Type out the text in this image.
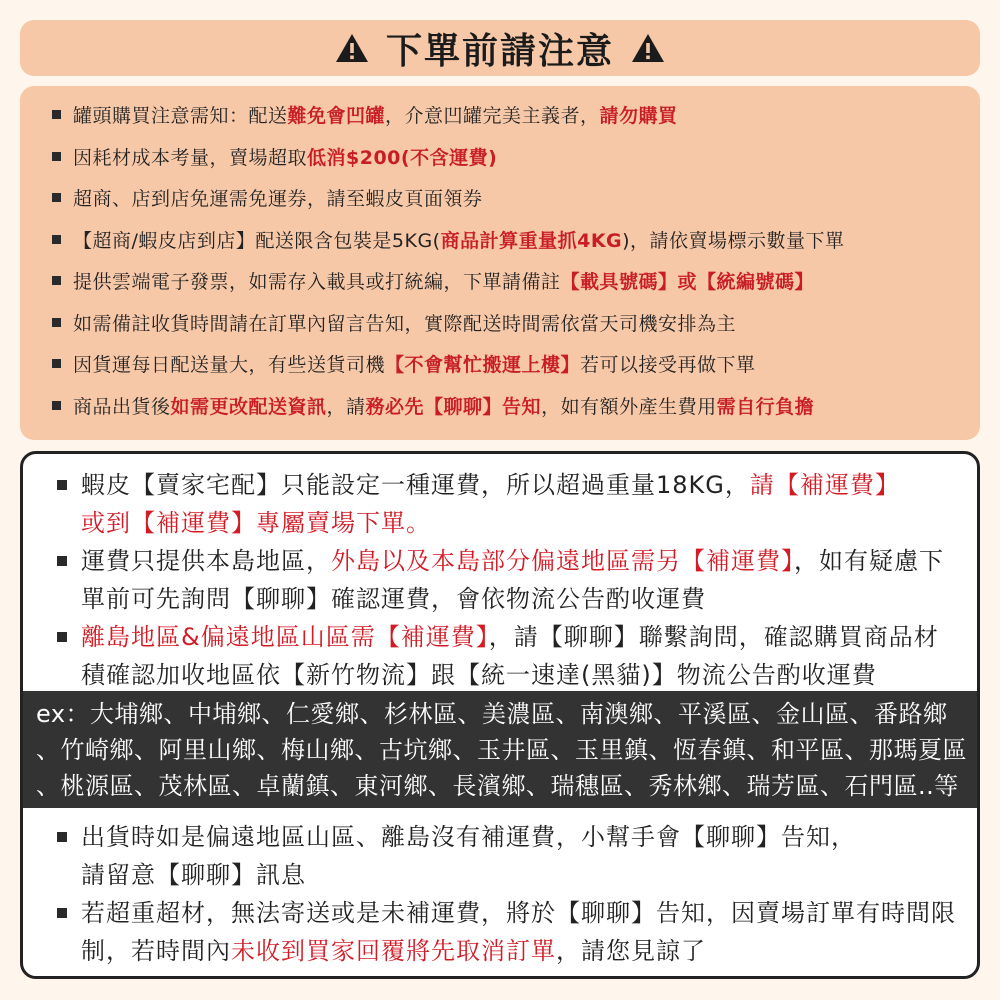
下單前請注意
罐頭購買注意需知：配送難免會凹罐，介意凹罐完美主義者，請勿購買
因耗材成本考量，賣場超取低消$200(不含運費)
超商、店到店免運需免運券，請至蝦皮頁面領券
【超商/蝦皮店到店】配送限含包裝是5KG(商品計算重量抓4KG)，請依賣場標示數量下單
提供雲端電子發票，如需存入載具或打統編，下單請備註【載具號碼】或【統編號碼】
如需備註收貨時間請在訂單內留言告知，實際配送時間需依當天司機安排為主
因貨運每日配送量大，有些送貨司機【不會幫忙搬運上樓】若可以接受再做下單
商品出貨後如需更改配送資訊，請務必先【聊聊】告知，如有額外產生費用需自行負擔
蝦皮【賣家宅配】只能設定一種運費，所以超過重量18KG，請【補運費】
或到【補運費】專屬賣場下單。
運費只提供本島地區，外島以及本島部分偏遠地區需另【補運費】，如有疑慮下單前可先詢問【聊聊】確認運費，會依物流公告酌收運費
離島地區&偏遠地區山區需【補運費】，請【聊聊】聯繫詢問，確認購買商品材積確認加收地區依【新竹物流】跟【統一速達(黑貓)】物流公告酌收運費
ex：大埔鄉、中埔鄉、仁愛鄉、杉林區、美濃區、南澳鄉、平溪區、金山區、番路鄉
、竹崎鄉、阿里山鄉、梅山鄉、古坑鄉、玉井區、玉里鎮、恆春鎮、和平區、那瑪夏區
、桃源區、茂林區、卓蘭鎮、東河鄉、長濱鄉、瑞穗區、秀林鄉、瑞芳區、石門區..等
出貨時如是偏遠地區山區、離島沒有補運費，小幫手會【聊聊】告知，
請留意【聊聊】訊息
若超重超材，無法寄送或是未補運費，將於【聊聊】告知，因賣場訂單有時間限制，若時間內未收到買家回覆將先取消訂單，請您見諒了
